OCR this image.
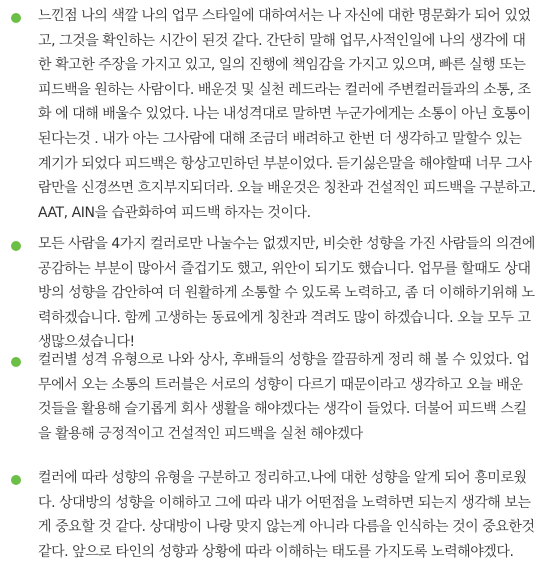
느낀점 나의 색깔 나의 업무 스타일에 대하여서는 나 자신에 대한 명문화가 되어 있었고, 그것을 확인하는 시간이 된것 같다. 간단히 말해 업무,사적인일에 나의 생각에 대한 확고한 주장을 가지고 있고, 일의 진행에 책임감을 가지고 있으며, 빠른 실행 또는 피드백을 원하는 사람이다. 배운것 및 실천 레드라는 컬러에 주변컬러들과의 소통, 조화 에 대해 배울수 있었다. 나는 내성격대로 말하면 누군가에게는 소통이 아닌 호통이된다는것 . 내가 아는 그사람에 대해 조금더 배려하고 한번 더 생각하고 말할수 있는 계기가 되었다 피드백은 항상고민하던 부분이었다. 듣기싫은말을 해야할때 너무 그사람만을 신경쓰면 흐지부지되더라. 오늘 배운것은 칭찬과 건설적인 피드백을 구분하고. AAT, AIN을 습관화하여 피드백 하자는 것이다.
모든 사람을 4가지 컬러로만 나눌수는 없겠지만, 비슷한 성향을 가진 사람들의 의견에 공감하는 부분이 많아서 즐겁기도 했고, 위안이 되기도 했습니다. 업무를 할때도 상대방의 성향을 감안하여 더 원활하게 소통할 수 있도록 노력하고, 좀 더 이해하기위해 노력하겠습니다. 함께 고생하는 동료에게 칭찬과 격려도 많이 하겠습니다. 오늘 모두 고생많으셨습니다!
컬러별 성격 유형으로 나와 상사, 후배들의 성향을 깔끔하게 정리 해 볼 수 있었다. 업무에서 오는 소통의 트러블은 서로의 성향이 다르기 때문이라고 생각하고 오늘 배운 것들을 활용해 슬기롭게 회사 생활을 해야겠다는 생각이 들었다. 더불어 피드백 스킬을 활용해 긍정적이고 건설적인 피드백을 실천 해야겠다
컬러에 따라 성향의 유형을 구분하고 정리하고.나에 대한 성향을 알게 되어 흥미로웠다. 상대방의 성향을 이해하고 그에 따라 내가 어떤점을 노력하면 되는지 생각해 보는게 중요할 것 같다. 상대방이 나랑 맞지 않는게 아니라 다름을 인식하는 것이 중요한것 같다. 앞으로 타인의 성향과 상황에 따라 이해하는 태도를 가지도록 노력해야겠다.
